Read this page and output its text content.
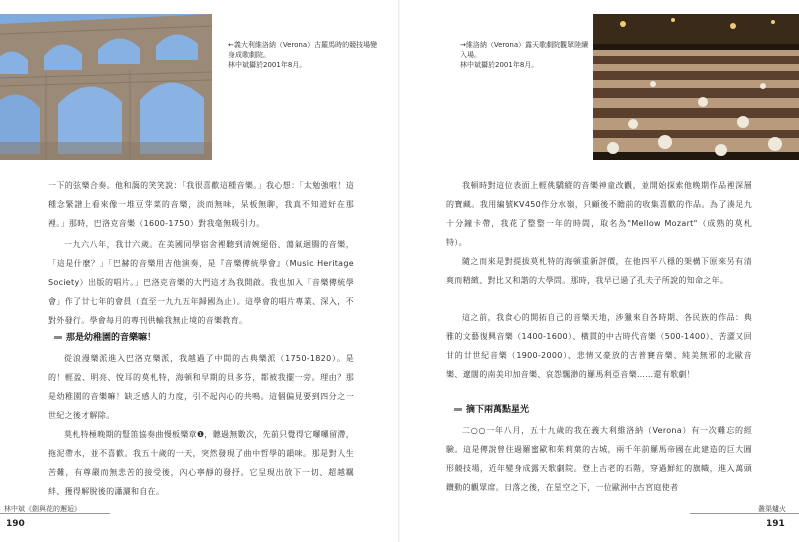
←義大利維洛納（Verona）古羅馬時的競技場變身成歌劇院。
林中斌攝於2001年8月。

一下的弦樂合奏。他和藹的笑笑說：「我很喜歡這種音樂。」我心想：「太勉強啦！這種念緊譜上看來像一堆豆芽菜的音樂，淡而無味，呆板無聊，我真不知道好在那裡。」那時，巴洛克音樂（1600-1750）對我毫無吸引力。

一九六八年，我廿六歲。在美國同學宿舍裡聽到清婉絕俗、蕩氣迴腸的音樂，「這是什麼？」「巴赫的音樂用吉他演奏，是『音樂傳統學會』（Music Heritage Society）出版的唱片。」巴洛克音樂的大門這才為我開啟。我也加入「音樂傳統學會」作了廿七年的會員（直至一九九五年歸國為止）。這學會的唱片專業、深入，不對外發行。學會每月的專刊供輸我無止境的音樂教育。

那是幼稚園的音樂嘛！

從浪漫樂派進入巴洛克樂派，我越過了中間的古典樂派（1750-1820）。是的！輕盈、明亮、悅耳的莫札特，海頓和早期的貝多芬，都被我擺一旁。理由？那是幼稚園的音樂嘛！缺乏感人的力度，引不起內心的共鳴。這個偏見要到四分之一世紀之後才解除。

莫札特極晚期的豎笛協奏曲慢板樂章❶，聽過無數次，先前只覺得它囉囉留滯，拖泥帶水，並不喜歡。我五十歲的一天，突然發現了曲中哲學的韻味。那是對人生苦難，有尊嚴而無悲苦的接受後，內心寧靜的發抒。它呈現出放下一切、超越羈絆、獲得解脫後的瀟灑和自在。

林中斌《劍與花的邂逅》
190
→維洛納（Verona）露天歌劇院觀眾陸續入場。
林中斌攝於2001年8月。

我頓時對這位表面上輕佻驕縱的音樂神童改觀，並開始探索他晚期作品裡深層的寶藏。我用編號KV450作分水嶺，只顧後不瞻前的收集喜歡的作品。為了湊足九十分鐘卡帶，我花了整整一年的時間，取名為"Mellow Mozart"（成熟的莫札特）。

隨之而來是對提拔莫札特的海頓重新評價，在他四平八穩的架構下原來另有清爽而精緻、對比又和諧的大學問。那時，我早已過了孔夫子所說的知命之年。

這之前，我食心的開拓自己的音樂天地，涉獵來自各時期、各民族的作品：典雅的文藝復興音樂（1400-1600）、橫貫的中古時代音樂（500-1400）、苦澀又回甘的廿世紀音樂（1900-2000）、悲情又豪放的吉普賽音樂、純美無邪的北歐音樂、遼闊的南美印加音樂、哀怨飄渺的羅馬利亞音樂……還有歌劇！

摘下兩萬點星光

二○○一年八月，五十九歲的我在義大利維洛納（Verona）有一次難忘的經驗。這是傳說曾住過羅蜜歐和茱莉葉的古城，兩千年前羅馬帝國在此建造的巨大圓形競技場，近年變身成露天歌劇院。登上古老的石階，穿過鮮紅的旗幟，進入萬頭鑽動的觀眾席。日落之後，在星空之下，一位歐洲中古宮庭使者

叢渠爐火
191
